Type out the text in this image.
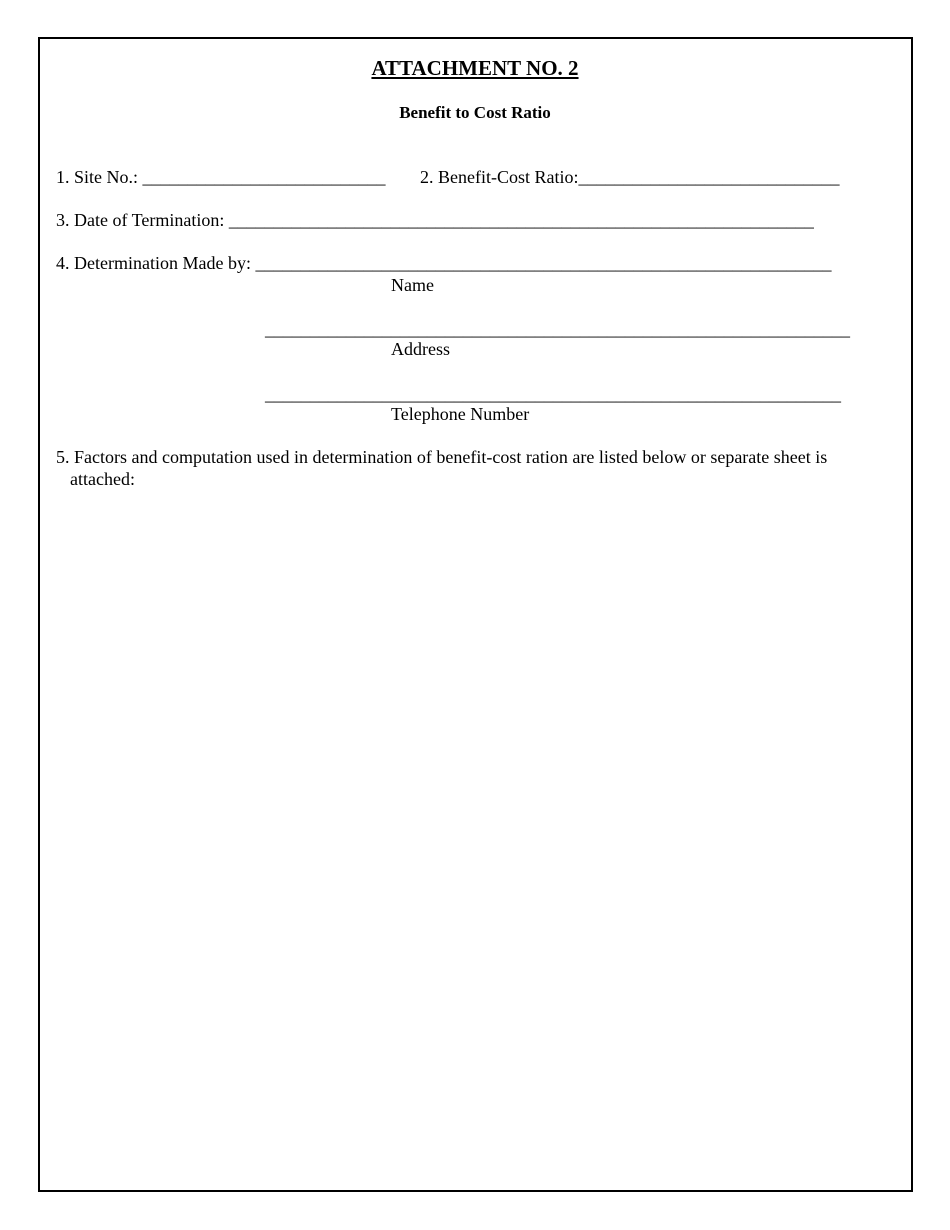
ATTACHMENT NO. 2
Benefit to Cost Ratio
1. Site No.: ___________________________ 2. Benefit-Cost Ratio:_____________________________
3. Date of Termination: _________________________________________________________________
4. Determination Made by: ________________________________________________________________
Name
_________________________________________________________________
Address
________________________________________________________________
Telephone Number
5. Factors and computation used in determination of benefit-cost ration are listed below or separate sheet is attached:
